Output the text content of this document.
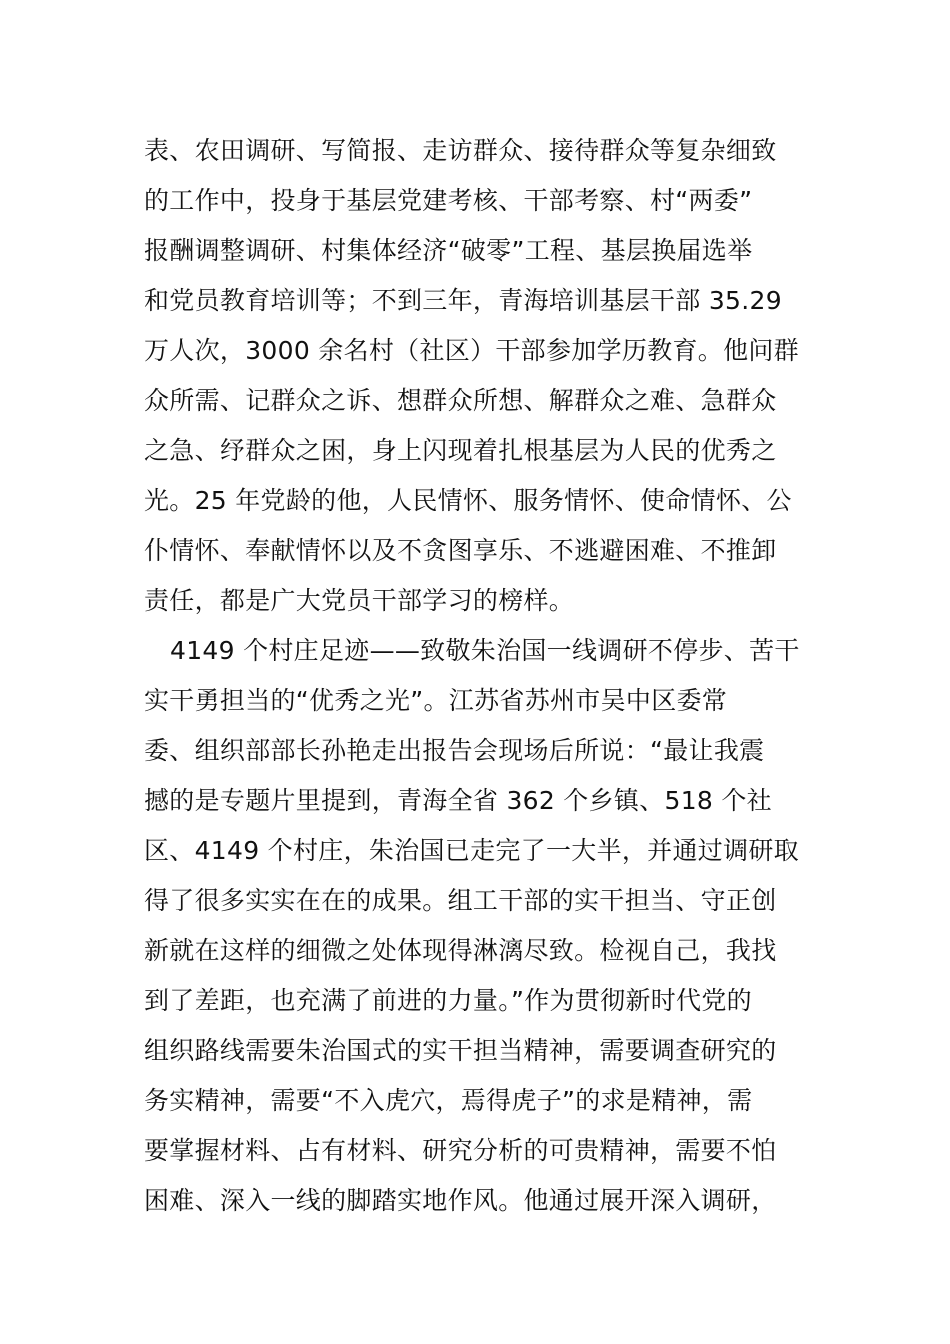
表、农田调研、写简报、走访群众、接待群众等复杂细致
的工作中，投身于基层党建考核、干部考察、村“两委”
报酬调整调研、村集体经济“破零”工程、基层换届选举
和党员教育培训等；不到三年，青海培训基层干部 35.29
万人次，3000 余名村（社区）干部参加学历教育。他问群
众所需、记群众之诉、想群众所想、解群众之难、急群众
之急、纾群众之困，身上闪现着扎根基层为人民的优秀之
光。25 年党龄的他，人民情怀、服务情怀、使命情怀、公
仆情怀、奉献情怀以及不贪图享乐、不逃避困难、不推卸
责任，都是广大党员干部学习的榜样。
4149 个村庄足迹——致敬朱治国一线调研不停步、苦干
实干勇担当的“优秀之光”。江苏省苏州市吴中区委常
委、组织部部长孙艳走出报告会现场后所说：“最让我震
撼的是专题片里提到，青海全省 362 个乡镇、518 个社
区、4149 个村庄，朱治国已走完了一大半，并通过调研取
得了很多实实在在的成果。组工干部的实干担当、守正创
新就在这样的细微之处体现得淋漓尽致。检视自己，我找
到了差距，也充满了前进的力量。”作为贯彻新时代党的
组织路线需要朱治国式的实干担当精神，需要调查研究的
务实精神，需要“不入虎穴，焉得虎子”的求是精神，需
要掌握材料、占有材料、研究分析的可贵精神，需要不怕
困难、深入一线的脚踏实地作风。他通过展开深入调研，
